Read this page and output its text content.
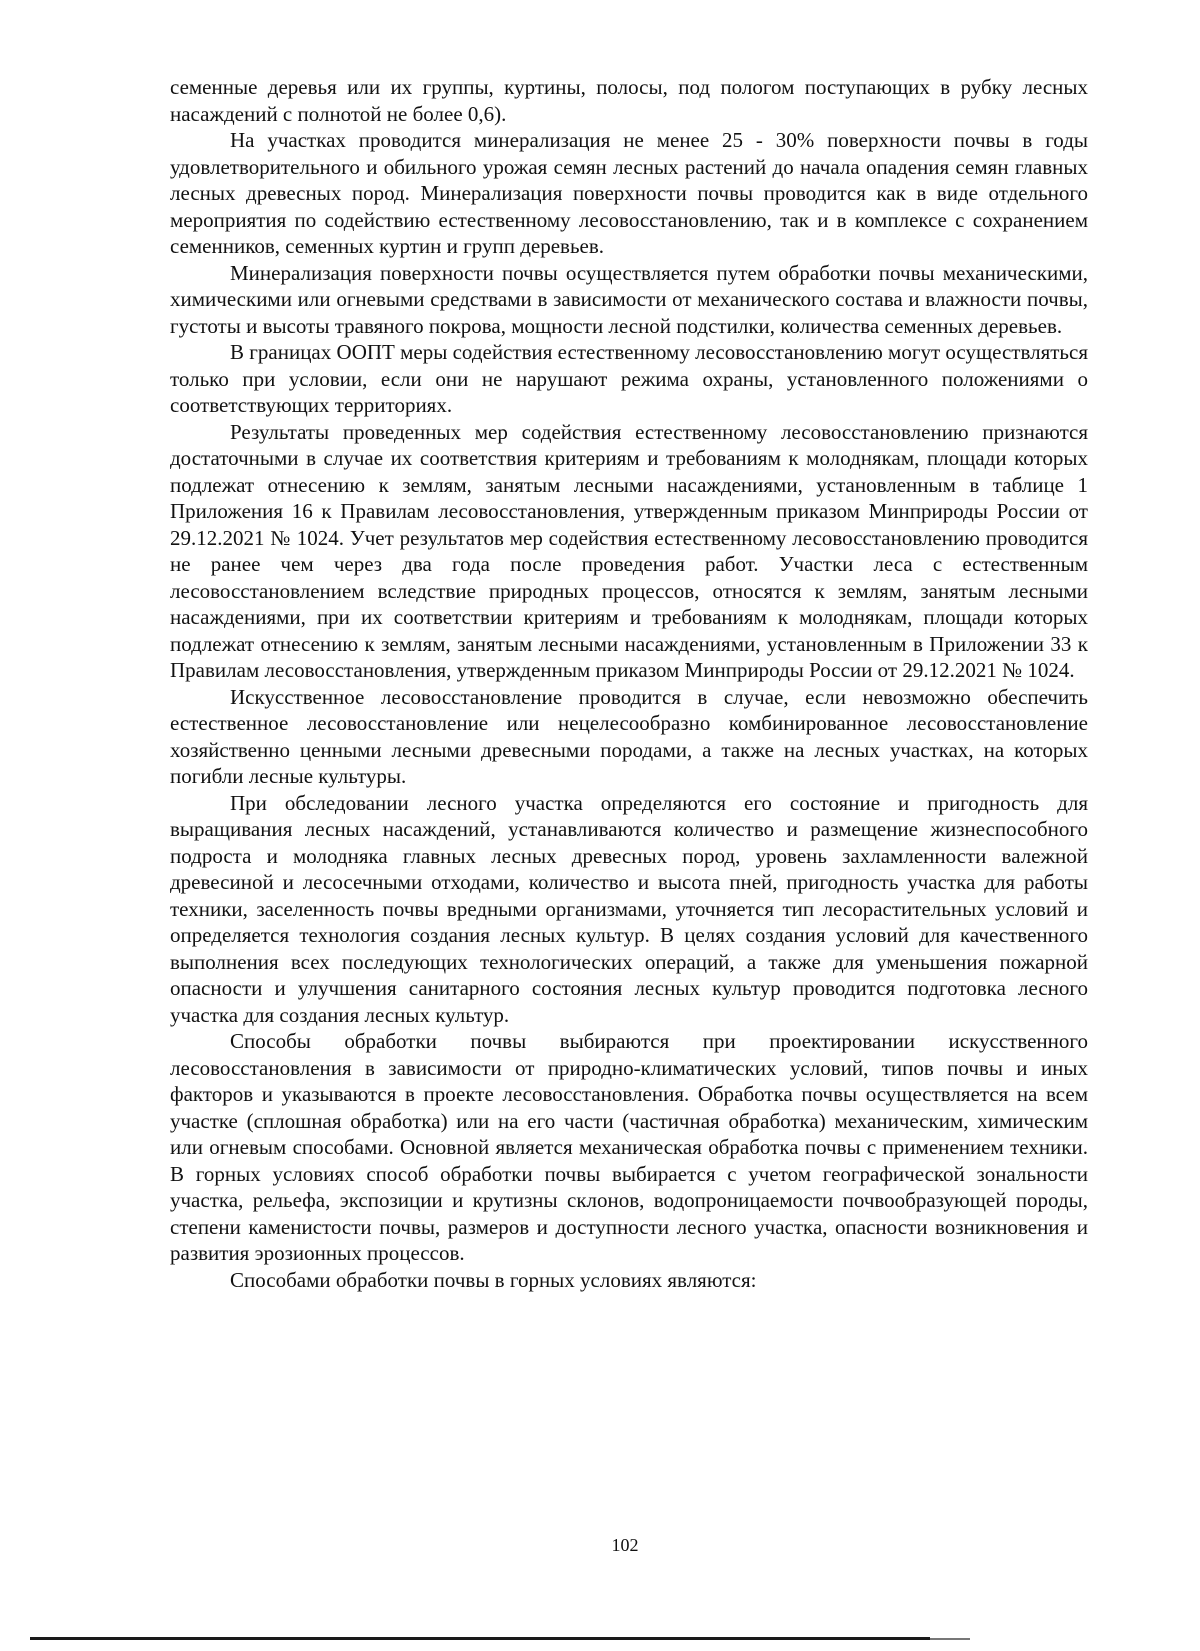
семенные деревья или их группы, куртины, полосы, под пологом поступающих в рубку лесных насаждений с полнотой не более 0,6).

На участках проводится минерализация не менее 25 - 30% поверхности почвы в годы удовлетворительного и обильного урожая семян лесных растений до начала опадения семян главных лесных древесных пород. Минерализация поверхности почвы проводится как в виде отдельного мероприятия по содействию естественному лесовосстановлению, так и в комплексе с сохранением семенников, семенных куртин и групп деревьев.

Минерализация поверхности почвы осуществляется путем обработки почвы механическими, химическими или огневыми средствами в зависимости от механического состава и влажности почвы, густоты и высоты травяного покрова, мощности лесной подстилки, количества семенных деревьев.

В границах ООПТ меры содействия естественному лесовосстановлению могут осуществляться только при условии, если они не нарушают режима охраны, установленного положениями о соответствующих территориях.

Результаты проведенных мер содействия естественному лесовосстановлению признаются достаточными в случае их соответствия критериям и требованиям к молоднякам, площади которых подлежат отнесению к землям, занятым лесными насаждениями, установленным в таблице 1 Приложения 16 к Правилам лесовосстановления, утвержденным приказом Минприроды России от 29.12.2021 № 1024. Учет результатов мер содействия естественному лесовосстановлению проводится не ранее чем через два года после проведения работ. Участки леса с естественным лесовосстановлением вследствие природных процессов, относятся к землям, занятым лесными насаждениями, при их соответствии критериям и требованиям к молоднякам, площади которых подлежат отнесению к землям, занятым лесными насаждениями, установленным в Приложении 33 к Правилам лесовосстановления, утвержденным приказом Минприроды России от 29.12.2021 № 1024.

Искусственное лесовосстановление проводится в случае, если невозможно обеспечить естественное лесовосстановление или нецелесообразно комбинированное лесовосстановление хозяйственно ценными лесными древесными породами, а также на лесных участках, на которых погибли лесные культуры.

При обследовании лесного участка определяются его состояние и пригодность для выращивания лесных насаждений, устанавливаются количество и размещение жизнеспособного подроста и молодняка главных лесных древесных пород, уровень захламленности валежной древесиной и лесосечными отходами, количество и высота пней, пригодность участка для работы техники, заселенность почвы вредными организмами, уточняется тип лесорастительных условий и определяется технология создания лесных культур. В целях создания условий для качественного выполнения всех последующих технологических операций, а также для уменьшения пожарной опасности и улучшения санитарного состояния лесных культур проводится подготовка лесного участка для создания лесных культур.

Способы обработки почвы выбираются при проектировании искусственного лесовосстановления в зависимости от природно-климатических условий, типов почвы и иных факторов и указываются в проекте лесовосстановления. Обработка почвы осуществляется на всем участке (сплошная обработка) или на его части (частичная обработка) механическим, химическим или огневым способами. Основной является механическая обработка почвы с применением техники. В горных условиях способ обработки почвы выбирается с учетом географической зональности участка, рельефа, экспозиции и крутизны склонов, водопроницаемости почвообразующей породы, степени каменистости почвы, размеров и доступности лесного участка, опасности возникновения и развития эрозионных процессов.

Способами обработки почвы в горных условиях являются:

102
